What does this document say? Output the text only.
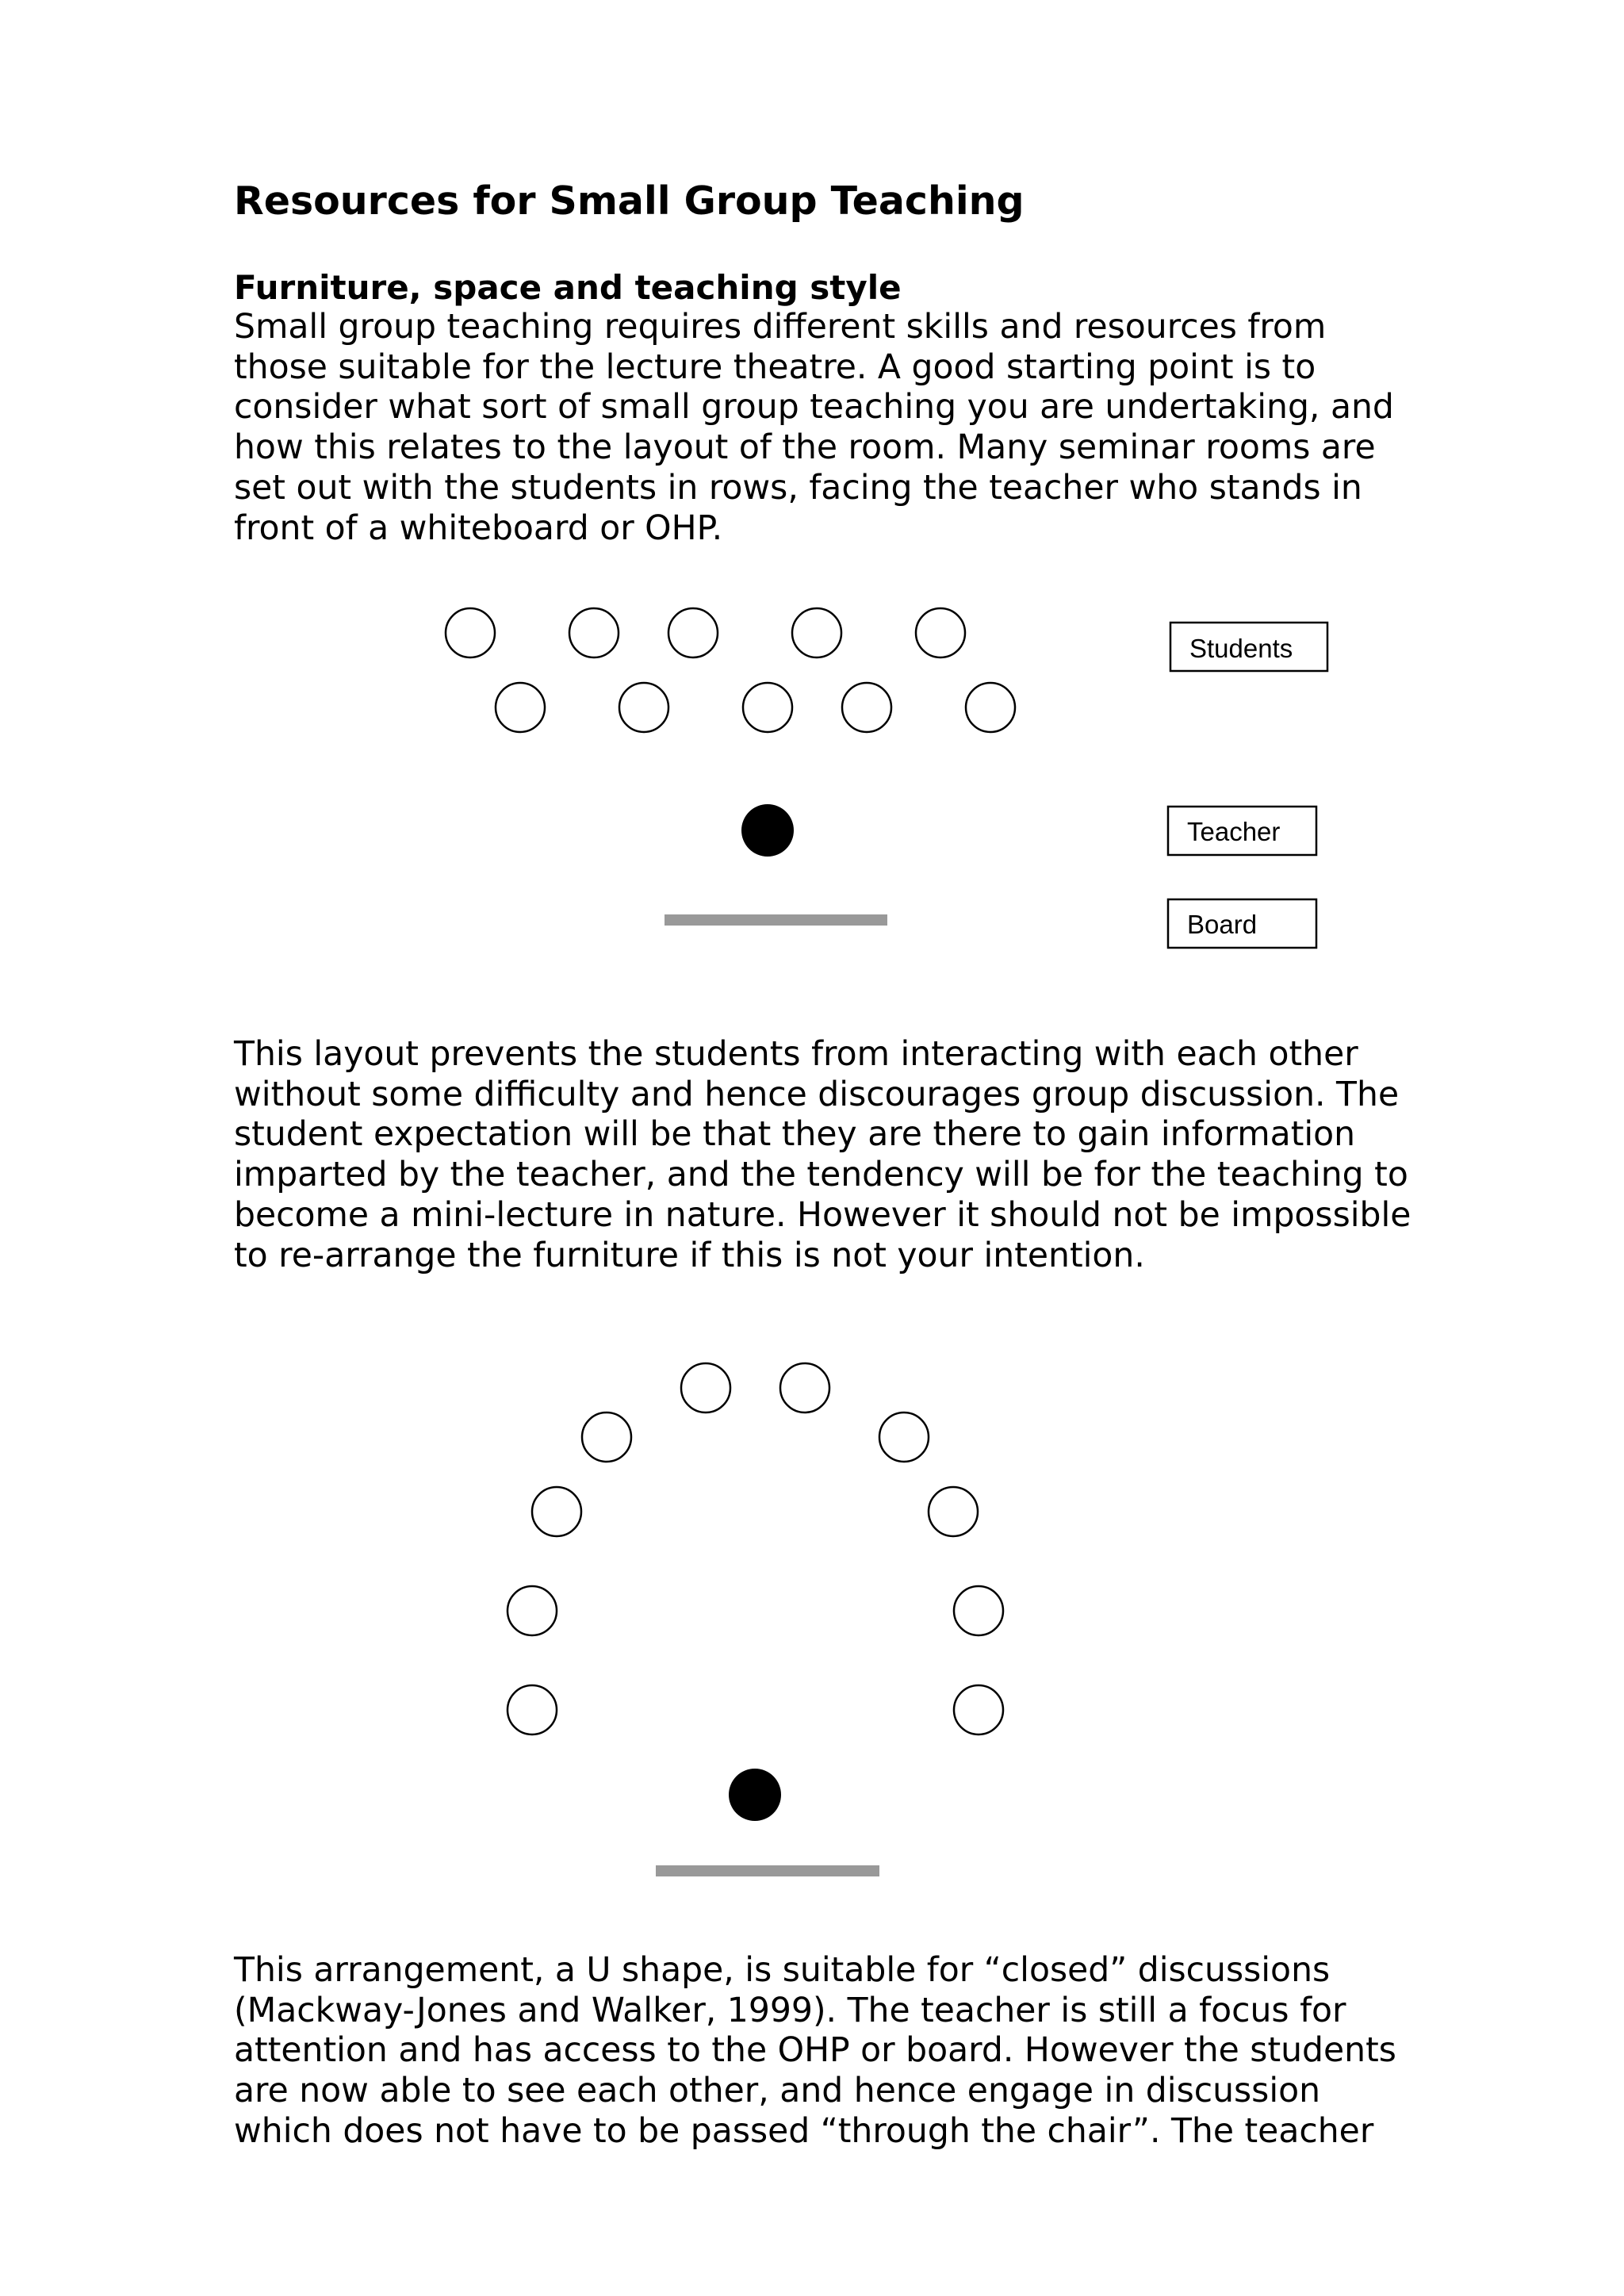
Resources for Small Group Teaching
Furniture, space and teaching style

Small group teaching requires different skills and resources from
those suitable for the lecture theatre. A good starting point is to
consider what sort of small group teaching you are undertaking, and
how this relates to the layout of the room. Many seminar rooms are
set out with the students in rows, facing the teacher who stands in
front of a whiteboard or OHP.

Students
Teacher
Board

This layout prevents the students from interacting with each other
without some difficulty and hence discourages group discussion. The
student expectation will be that they are there to gain information
imparted by the teacher, and the tendency will be for the teaching to
become a mini-lecture in nature. However it should not be impossible
to re-arrange the furniture if this is not your intention.

This arrangement, a U shape, is suitable for “closed” discussions
(Mackway-Jones and Walker, 1999). The teacher is still a focus for
attention and has access to the OHP or board. However the students
are now able to see each other, and hence engage in discussion
which does not have to be passed “through the chair”. The teacher
